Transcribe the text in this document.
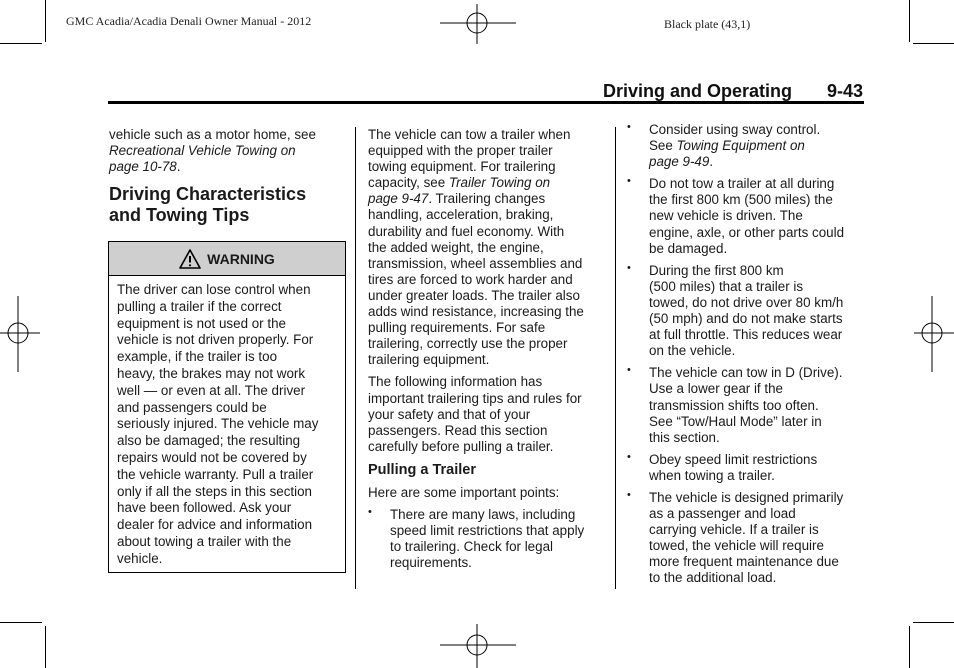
GMC Acadia/Acadia Denali Owner Manual - 2012	Black plate (43,1)
Driving and Operating 9-43

vehicle such as a motor home, see
Recreational Vehicle Towing on
page 10-78.

Driving Characteristics
and Towing Tips
WARNING
The driver can lose control when
pulling a trailer if the correct
equipment is not used or the
vehicle is not driven properly. For
example, if the trailer is too
heavy, the brakes may not work
well — or even at all. The driver
and passengers could be
seriously injured. The vehicle may
also be damaged; the resulting
repairs would not be covered by
the vehicle warranty. Pull a trailer
only if all the steps in this section
have been followed. Ask your
dealer for advice and information
about towing a trailer with the
vehicle.

The vehicle can tow a trailer when
equipped with the proper trailer
towing equipment. For trailering
capacity, see Trailer Towing on
page 9-47. Trailering changes
handling, acceleration, braking,
durability and fuel economy. With
the added weight, the engine,
transmission, wheel assemblies and
tires are forced to work harder and
under greater loads. The trailer also
adds wind resistance, increasing the
pulling requirements. For safe
trailering, correctly use the proper
trailering equipment.

The following information has
important trailering tips and rules for
your safety and that of your
passengers. Read this section
carefully before pulling a trailer.

Pulling a Trailer

Here are some important points:

• There are many laws, including
speed limit restrictions that apply
to trailering. Check for legal
requirements.
• Consider using sway control.
See Towing Equipment on
page 9-49.
• Do not tow a trailer at all during
the first 800 km (500 miles) the
new vehicle is driven. The
engine, axle, or other parts could
be damaged.
• During the first 800 km
(500 miles) that a trailer is
towed, do not drive over 80 km/h
(50 mph) and do not make starts
at full throttle. This reduces wear
on the vehicle.
• The vehicle can tow in D (Drive).
Use a lower gear if the
transmission shifts too often.
See “Tow/Haul Mode” later in
this section.
• Obey speed limit restrictions
when towing a trailer.
• The vehicle is designed primarily
as a passenger and load
carrying vehicle. If a trailer is
towed, the vehicle will require
more frequent maintenance due
to the additional load.
